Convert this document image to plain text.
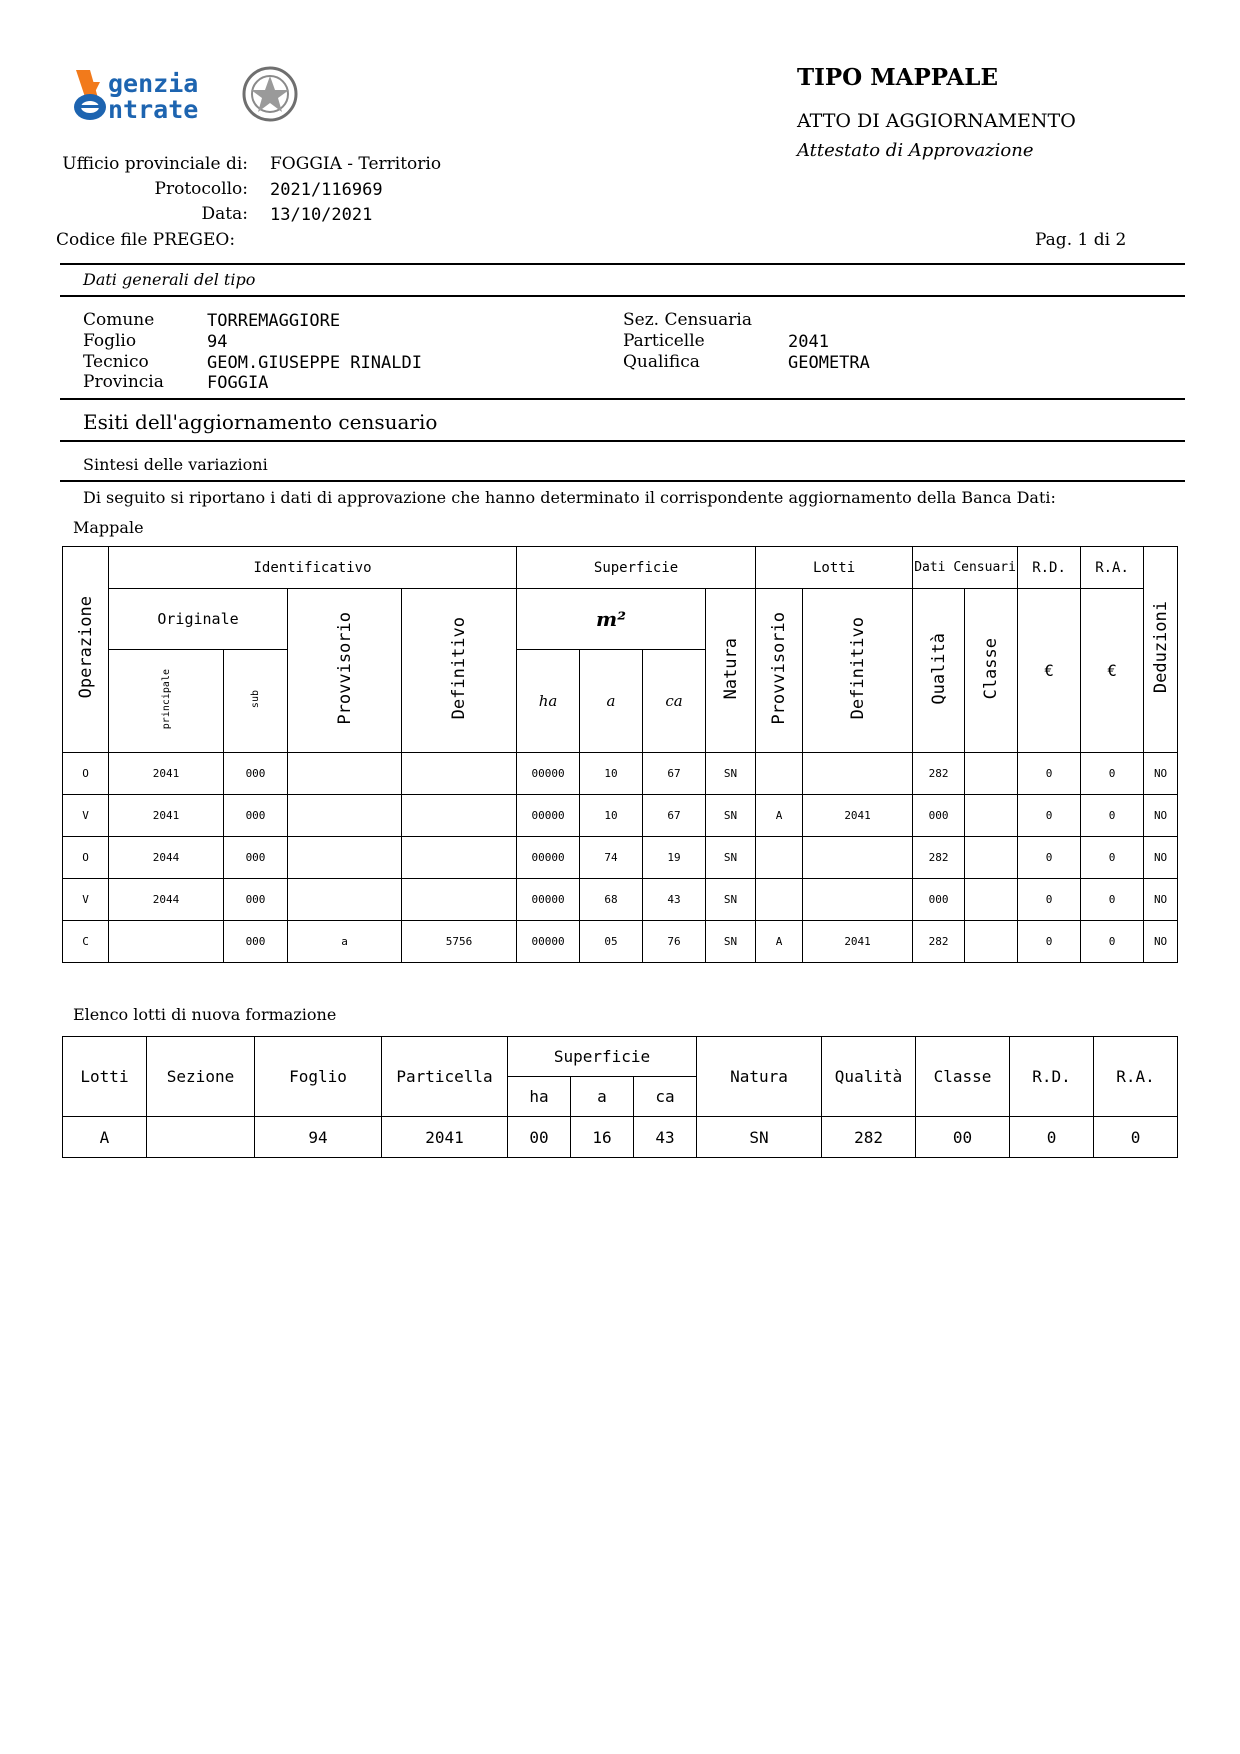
genzia
ntrate
TIPO MAPPALE
ATTO DI AGGIORNAMENTO
Attestato di Approvazione
Ufficio provinciale di: FOGGIA - Territorio
Protocollo: 2021/116969
Data: 13/10/2021
Codice file PREGEO:	Pag. 1 di 2
Dati generali del tipo
Comune	TORREMAGGIORE
Foglio	94
Tecnico	GEOM.GIUSEPPE RINALDI
Provincia	FOGGIA
Sez. Censuaria
Particelle	2041
Qualifica	GEOMETRA
Esiti dell'aggiornamento censuario
Sintesi delle variazioni
Di seguito si riportano i dati di approvazione che hanno determinato il corrispondente aggiornamento della Banca Dati:
Mappale
Operazione	Identificativo				Superficie				Lotti		Dati Censuari		R.D.	R.A.	Deduzioni
	Originale		Provvisorio	Definitivo	m²			Natura	Provvisorio	Definitivo	Qualità	Classe	€	€	
	principale	sub			ha	a	ca								
O	2041	000			00000	10	67	SN			282		0	0	NO
V	2041	000			00000	10	67	SN	A	2041	000		0	0	NO
O	2044	000			00000	74	19	SN			282		0	0	NO
V	2044	000			00000	68	43	SN			000		0	0	NO
C		000	a	5756	00000	05	76	SN	A	2041	282		0	0	NO
Elenco lotti di nuova formazione
Lotti	Sezione	Foglio	Particella	Superficie			Natura	Qualità	Classe	R.D.	R.A.
				ha	a	ca					
A		94	2041	00	16	43	SN	282	00	0	0
